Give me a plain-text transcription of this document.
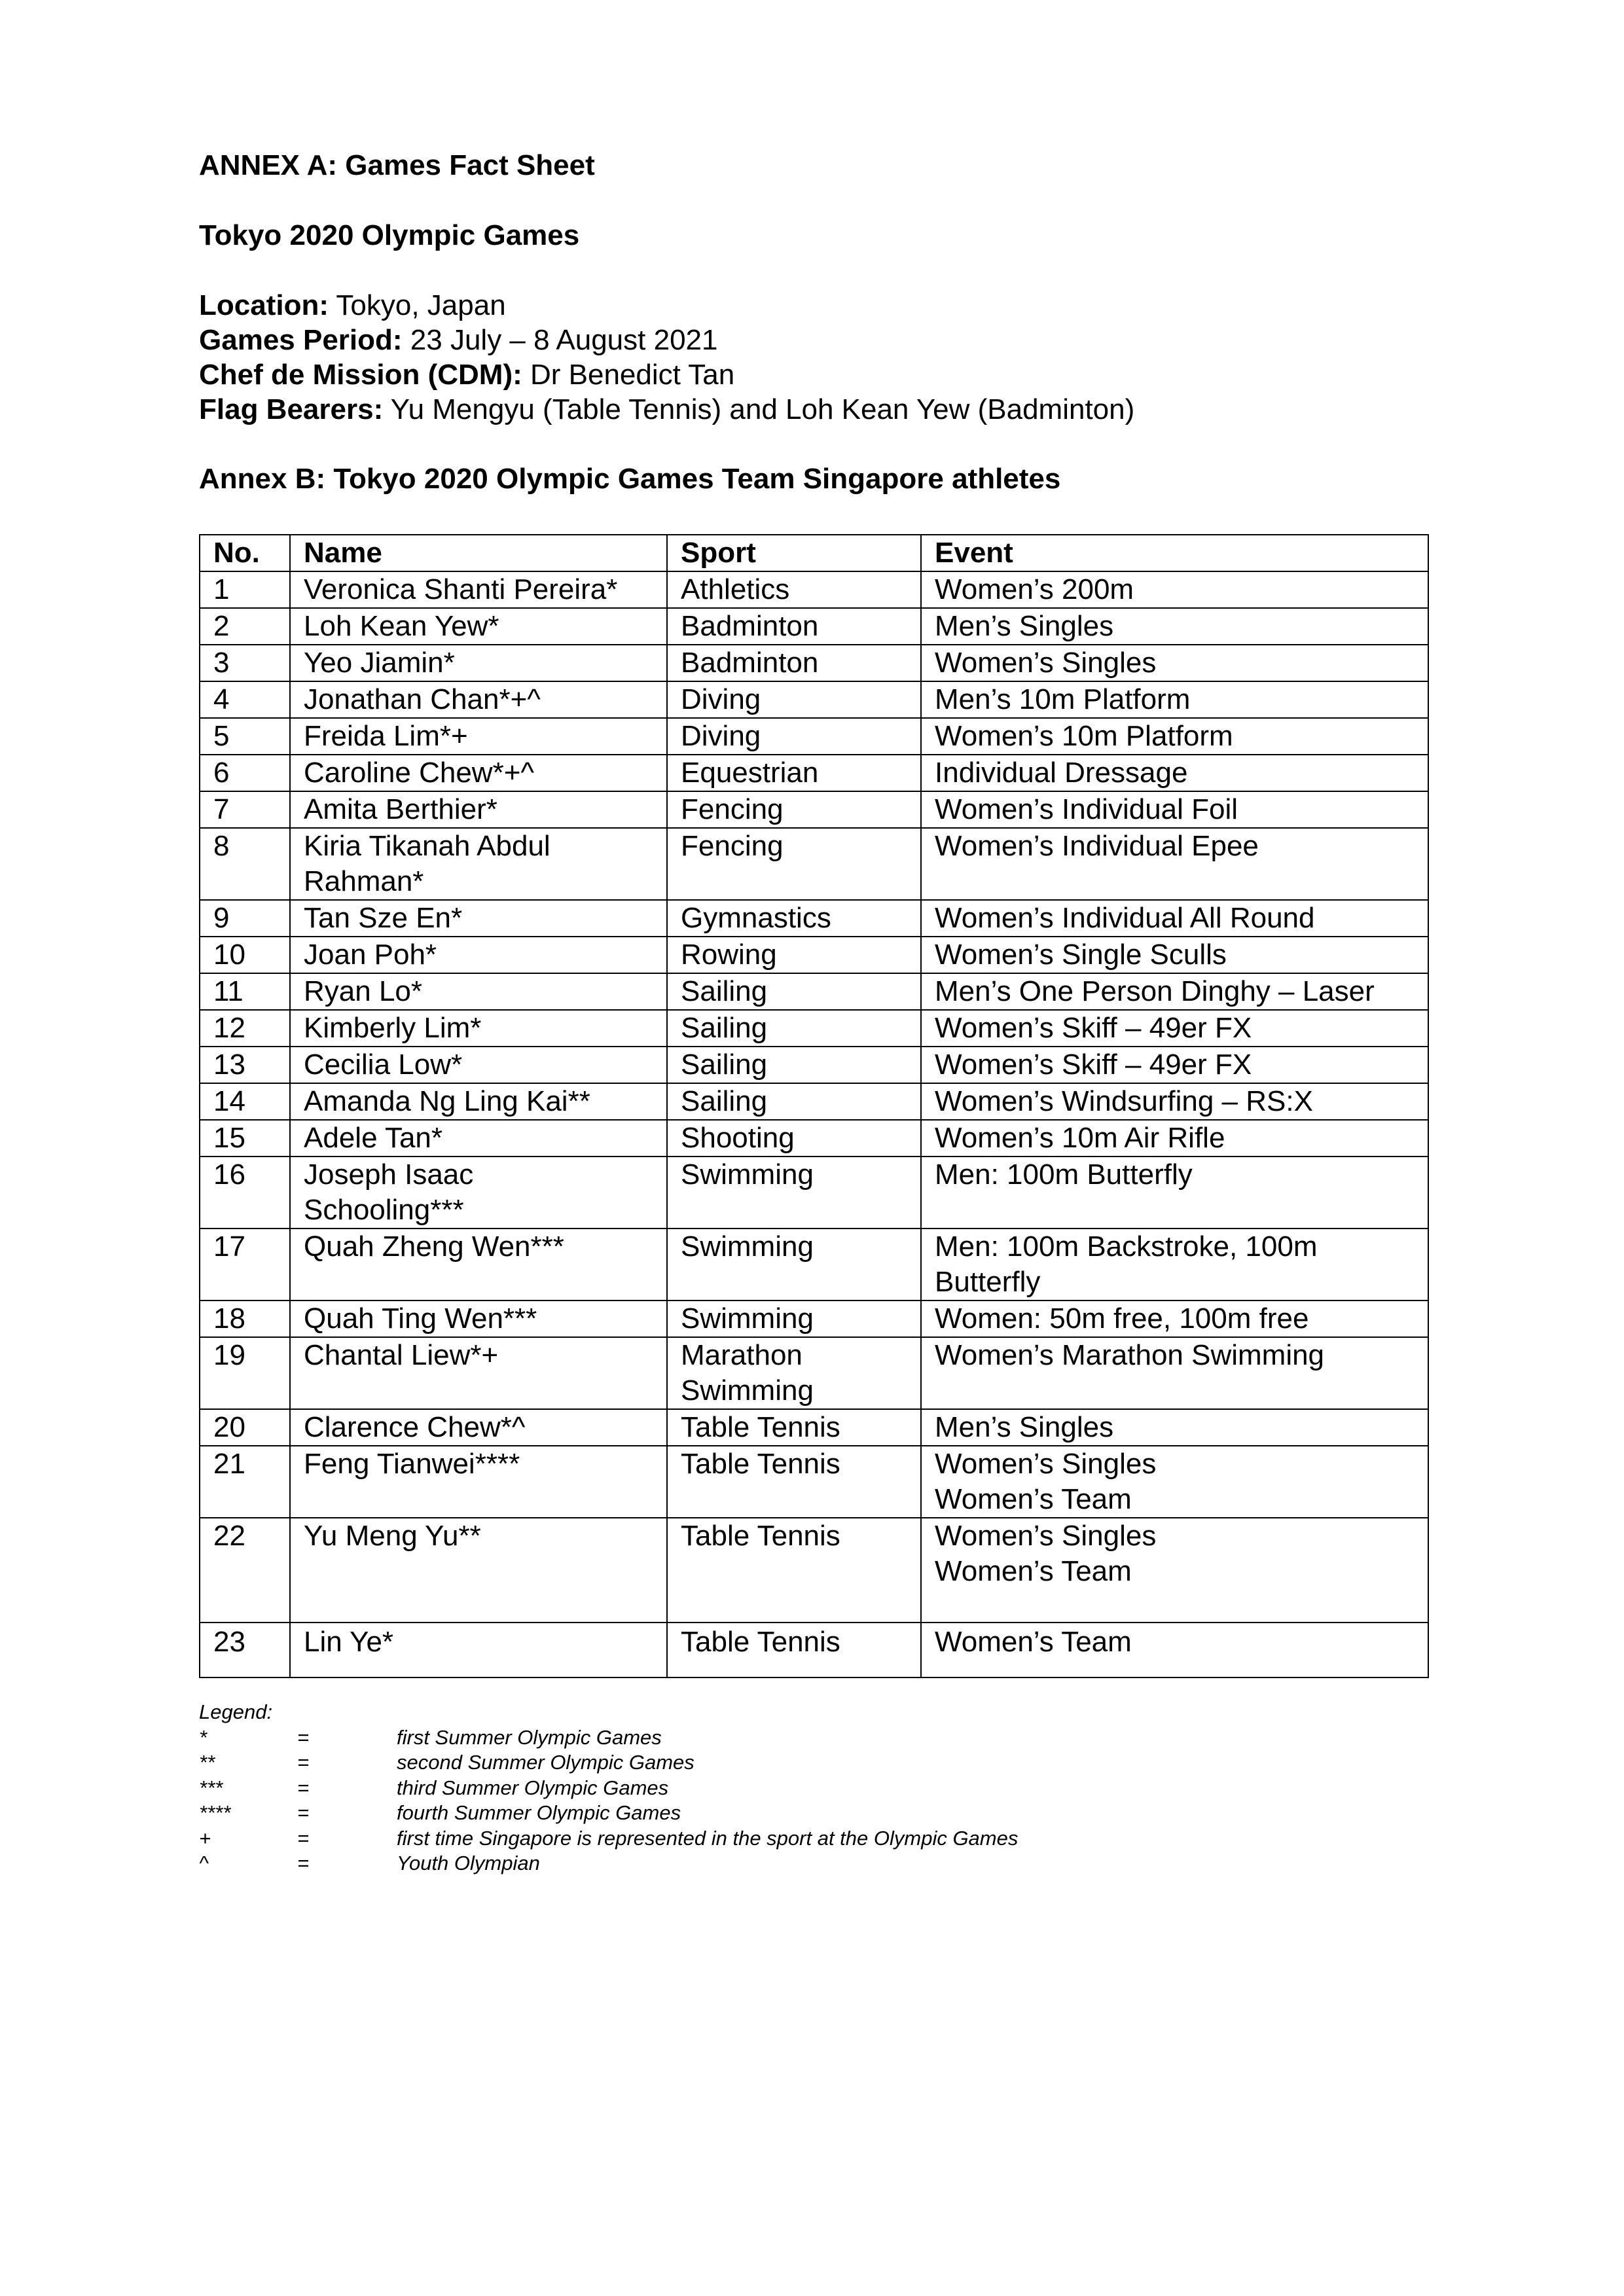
ANNEX A: Games Fact Sheet
Tokyo 2020 Olympic Games
Location: Tokyo, Japan
Games Period: 23 July – 8 August 2021
Chef de Mission (CDM): Dr Benedict Tan
Flag Bearers: Yu Mengyu (Table Tennis) and Loh Kean Yew (Badminton)
Annex B: Tokyo 2020 Olympic Games Team Singapore athletes
No.	Name	Sport	Event
1	Veronica Shanti Pereira*	Athletics	Women’s 200m

2	Loh Kean Yew*	Badminton	Men’s Singles

3	Yeo Jiamin*	Badminton	Women’s Singles

4	Jonathan Chan*+^	Diving	Men’s 10m Platform

5	Freida Lim*+	Diving	Women’s 10m Platform

6	Caroline Chew*+^	Equestrian	Individual Dressage

7	Amita Berthier*	Fencing	Women’s Individual Foil

8	Kiria Tikanah Abdul
Rahman*	Fencing	Women’s Individual Epee

9	Tan Sze En*	Gymnastics	Women’s Individual All Round

10	Joan Poh*	Rowing	Women’s Single Sculls

11	Ryan Lo*	Sailing	Men’s One Person Dinghy – Laser

12	Kimberly Lim*	Sailing	Women’s Skiff – 49er FX

13	Cecilia Low*	Sailing	Women’s Skiff – 49er FX

14	Amanda Ng Ling Kai**	Sailing	Women’s Windsurfing – RS:X

15	Adele Tan*	Shooting	Women’s 10m Air Rifle

16	Joseph Isaac
Schooling***	Swimming	Men: 100m Butterfly

17	Quah Zheng Wen***	Swimming	Men: 100m Backstroke, 100m
Butterfly

18	Quah Ting Wen***	Swimming	Women: 50m free, 100m free

19	Chantal Liew*+	Marathon
Swimming	Women’s Marathon Swimming

20	Clarence Chew*^	Table Tennis	Men’s Singles

21	Feng Tianwei****	Table Tennis	Women’s Singles
Women’s Team

22	Yu Meng Yu**	Table Tennis	Women’s Singles
Women’s Team

23	Lin Ye*	Table Tennis	Women’s Team
Legend:
*	=	first Summer Olympic Games
**	=	second Summer Olympic Games
***	=	third Summer Olympic Games
****	=	fourth Summer Olympic Games
+	=	first time Singapore is represented in the sport at the Olympic Games
^	=	Youth Olympian
